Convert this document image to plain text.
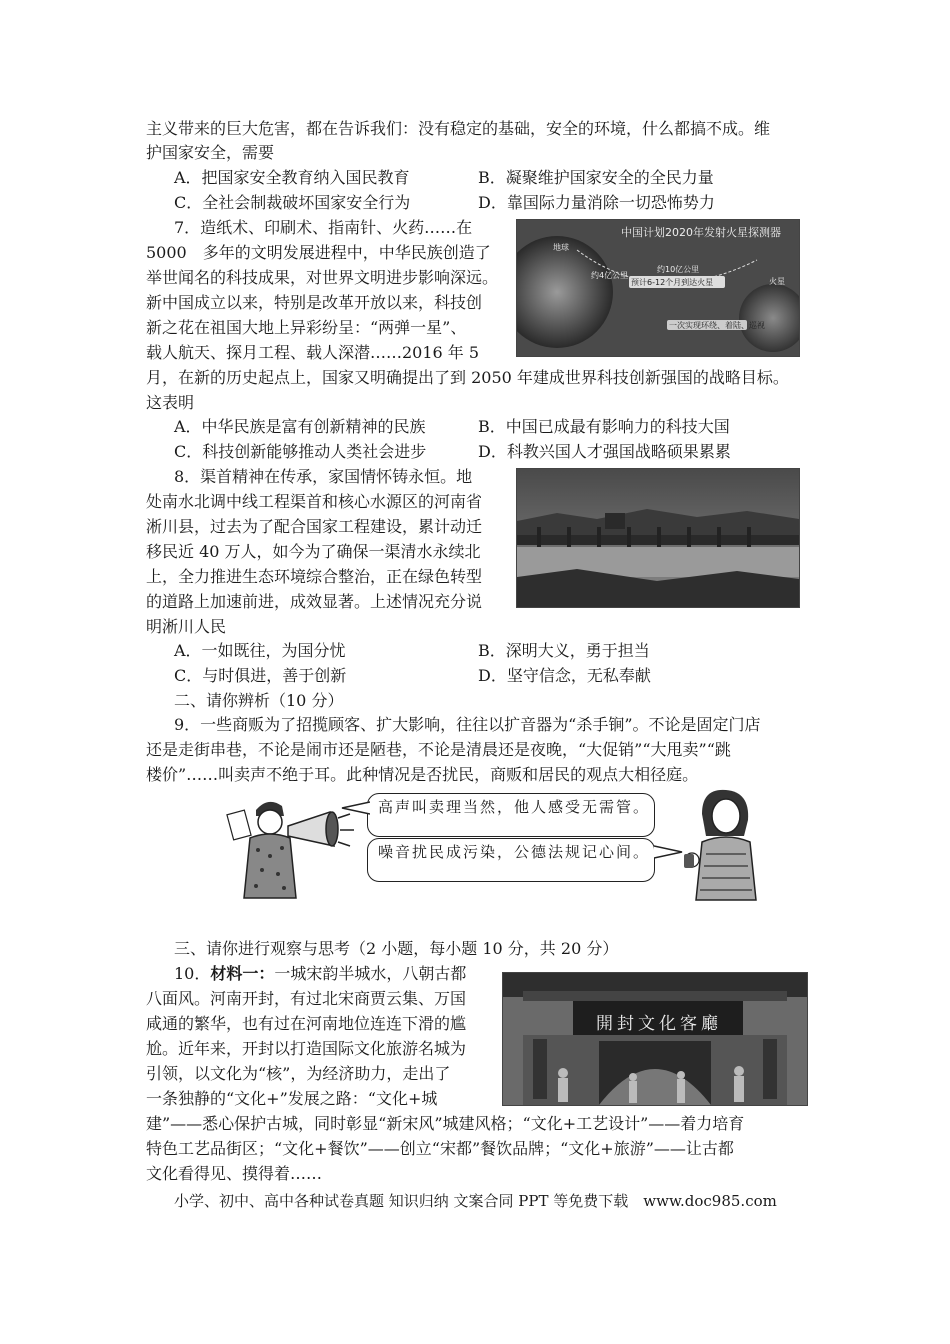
主义带来的巨大危害，都在告诉我们：没有稳定的基础，安全的环境，什么都搞不成。维
护国家安全，需要
A．把国家安全教育纳入国民教育	B．凝聚维护国家安全的全民力量
C．全社会制裁破坏国家安全行为	D．靠国际力量消除一切恐怖势力
7．造纸术、印刷术、指南针、火药……在
5000　多年的文明发展进程中，中华民族创造了
举世闻名的科技成果，对世界文明进步影响深远。
新中国成立以来，特别是改革开放以来，科技创
新之花在祖国大地上异彩纷呈：“两弹一星”、
载人航天、探月工程、载人深潜……2016 年 5
月，在新的历史起点上，国家又明确提出了到 2050 年建成世界科技创新强国的战略目标。
这表明
中国计划2020年发射火星探测器
地球
约4亿公里
约10亿公里
预计6-12个月到达火星	火星
一次实现环绕、着陆、巡视
A．中华民族是富有创新精神的民族	B．中国已成最有影响力的科技大国
C．科技创新能够推动人类社会进步	D．科教兴国人才强国战略硕果累累
8．渠首精神在传承，家国情怀铸永恒。地
处南水北调中线工程渠首和核心水源区的河南省
淅川县，过去为了配合国家工程建设，累计动迁
移民近 40 万人，如今为了确保一渠清水永续北
上，全力推进生态环境综合整治，正在绿色转型
的道路上加速前进，成效显著。上述情况充分说
明淅川人民
A．一如既往，为国分忧	B．深明大义，勇于担当
C．与时俱进，善于创新	D．坚守信念，无私奉献
二、请你辨析（10 分）
9．一些商贩为了招揽顾客、扩大影响，往往以扩音器为“杀手锏”。不论是固定门店
还是走街串巷，不论是闹市还是陋巷，不论是清晨还是夜晚，“大促销”“大甩卖”“跳
楼价”……叫卖声不绝于耳。此种情况是否扰民，商贩和居民的观点大相径庭。
高声叫卖理当然，他人感受无需管。
噪音扰民成污染，公德法规记心间。
三、请你进行观察与思考（2 小题，每小题 10 分，共 20 分）
10．材料一：一城宋韵半城水，八朝古都
八面风。河南开封，有过北宋商贾云集、万国
咸通的繁华，也有过在河南地位连连下滑的尴
尬。近年来，开封以打造国际文化旅游名城为
引领，以文化为“核”，为经济助力，走出了
一条独静的“文化+”发展之路：“文化+城
建”——悉心保护古城，同时彰显“新宋风”城建风格；“文化+工艺设计”——着力培育
特色工艺品街区；“文化+餐饮”——创立“宋都”餐饮品牌；“文化+旅游”——让古都
文化看得见、摸得着……
開封文化客廳
小学、初中、高中各种试卷真题 知识归纳 文案合同 PPT 等免费下载　www.doc985.com
